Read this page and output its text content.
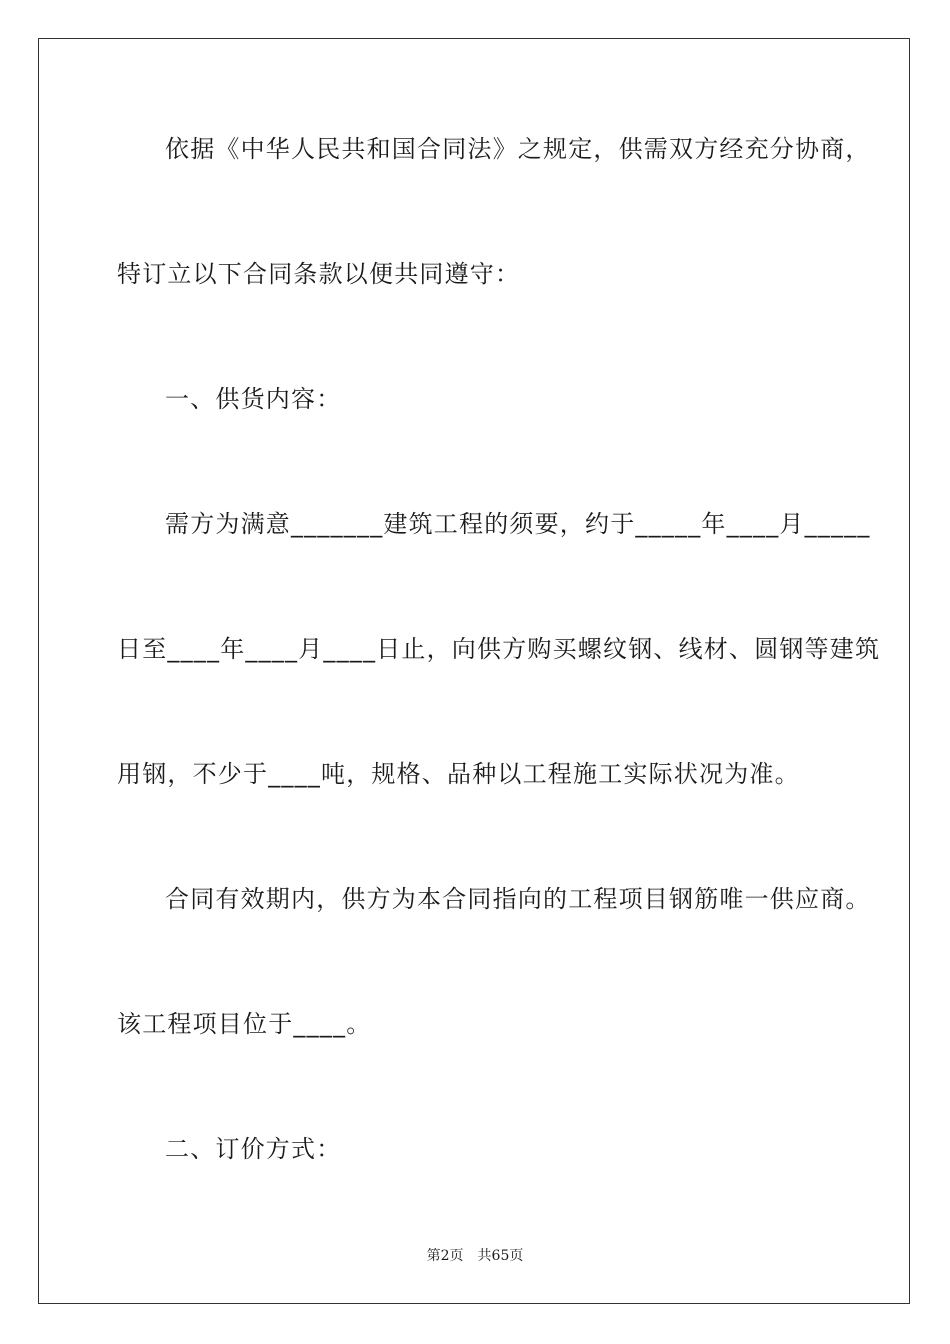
依据《中华人民共和国合同法》之规定，供需双方经充分协商，
特订立以下合同条款以便共同遵守：
一、供货内容：
需方为满意_______建筑工程的须要，约于_____年____月_____
日至____年____月____日止，向供方购买螺纹钢、线材、圆钢等建筑
用钢，不少于____吨，规格、品种以工程施工实际状况为准。
合同有效期内，供方为本合同指向的工程项目钢筋唯一供应商。
该工程项目位于____。
二、订价方式：
第2页 共65页
